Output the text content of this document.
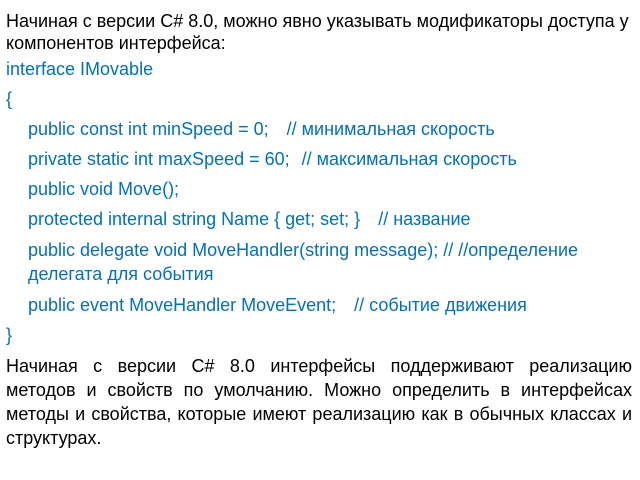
Начиная с версии C# 8.0, можно явно указывать модификаторы доступа у компонентов интерфейса:

interface IMovable
{
public const int minSpeed = 0; // минимальная скорость
private static int maxSpeed = 60; // максимальная скорость
public void Move();
protected internal string Name { get; set; } // название
public delegate void MoveHandler(string message); // //определение делегата для события
public event MoveHandler MoveEvent; // событие движения
}

Начиная с версии C# 8.0 интерфейсы поддерживают реализацию методов и свойств по умолчанию. Можно определить в интерфейсах методы и свойства, которые имеют реализацию как в обычных классах и структурах.
